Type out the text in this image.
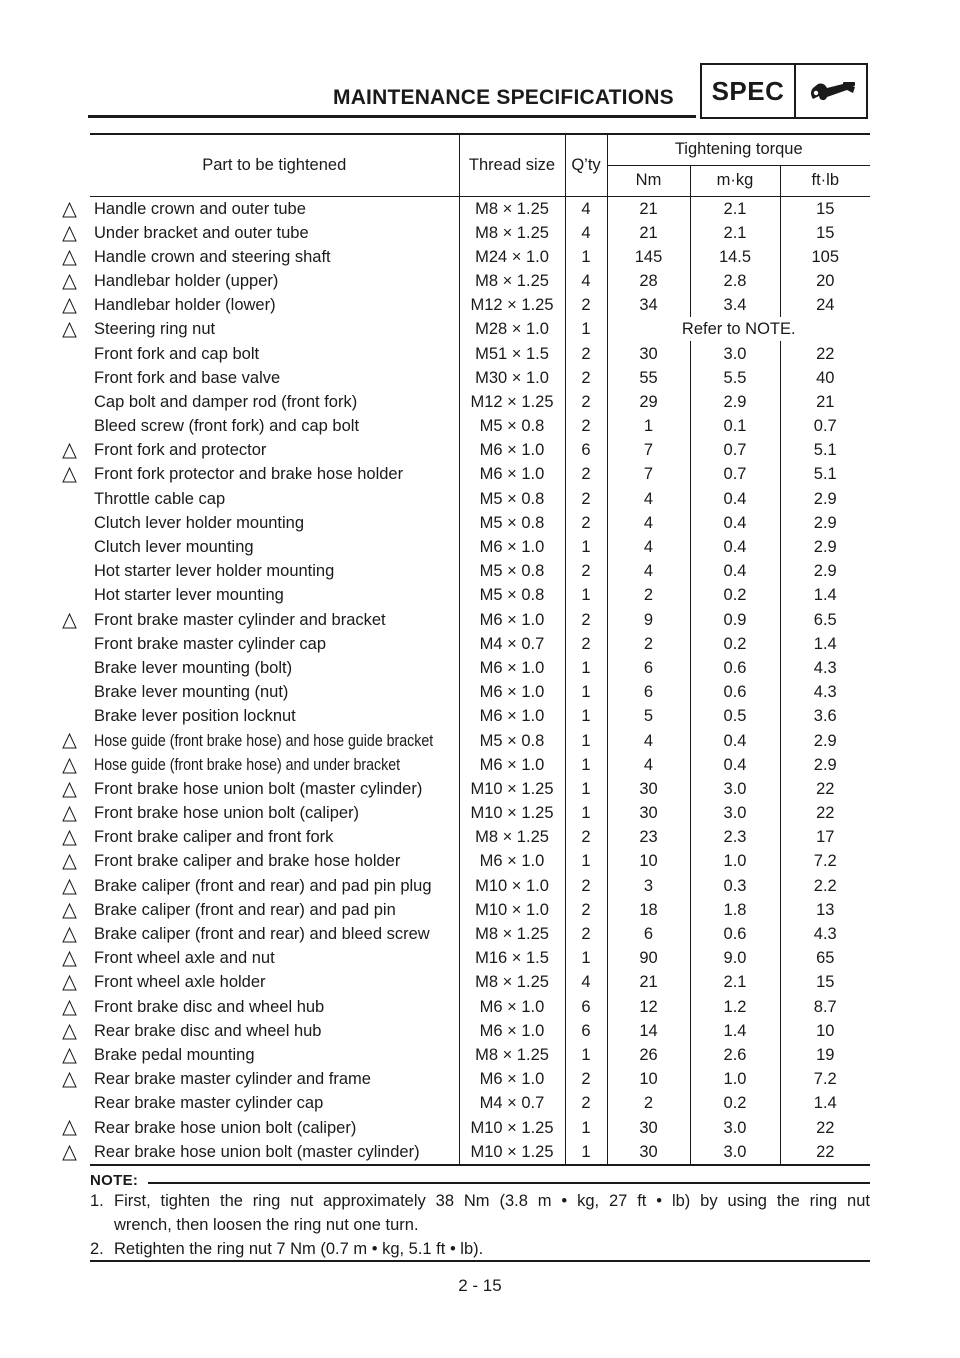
MAINTENANCE SPECIFICATIONS	SPEC
Part to be tightened	Thread size	Q’ty	Tightening torque		
			Nm	m·kg	ft·lb

Handle crown and outer tube	M8 × 1.25	4	21	2.1	15

Under bracket and outer tube	M8 × 1.25	4	21	2.1	15

Handle crown and steering shaft	M24 × 1.0	1	145	14.5	105

Handlebar holder (upper)	M8 × 1.25	4	28	2.8	20

Handlebar holder (lower)	M12 × 1.25	2	34	3.4	24

Steering ring nut	M28 × 1.0	1	Refer to NOTE.		
Front fork and cap bolt	M51 × 1.5	2	30	3.0	22
Front fork and base valve	M30 × 1.0	2	55	5.5	40
Cap bolt and damper rod (front fork)	M12 × 1.25	2	29	2.9	21
Bleed screw (front fork) and cap bolt	M5 × 0.8	2	1	0.1	0.7

Front fork and protector	M6 × 1.0	6	7	0.7	5.1

Front fork protector and brake hose holder	M6 × 1.0	2	7	0.7	5.1
Throttle cable cap	M5 × 0.8	2	4	0.4	2.9
Clutch lever holder mounting	M5 × 0.8	2	4	0.4	2.9
Clutch lever mounting	M6 × 1.0	1	4	0.4	2.9
Hot starter lever holder mounting	M5 × 0.8	2	4	0.4	2.9
Hot starter lever mounting	M5 × 0.8	1	2	0.2	1.4

Front brake master cylinder and bracket	M6 × 1.0	2	9	0.9	6.5
Front brake master cylinder cap	M4 × 0.7	2	2	0.2	1.4
Brake lever mounting (bolt)	M6 × 1.0	1	6	0.6	4.3
Brake lever mounting (nut)	M6 × 1.0	1	6	0.6	4.3
Brake lever position locknut	M6 × 1.0	1	5	0.5	3.6

Hose guide (front brake hose) and hose guide bracket	M5 × 0.8	1	4	0.4	2.9

Hose guide (front brake hose) and under bracket	M6 × 1.0	1	4	0.4	2.9

Front brake hose union bolt (master cylinder)	M10 × 1.25	1	30	3.0	22

Front brake hose union bolt (caliper)	M10 × 1.25	1	30	3.0	22

Front brake caliper and front fork	M8 × 1.25	2	23	2.3	17

Front brake caliper and brake hose holder	M6 × 1.0	1	10	1.0	7.2

Brake caliper (front and rear) and pad pin plug	M10 × 1.0	2	3	0.3	2.2

Brake caliper (front and rear) and pad pin	M10 × 1.0	2	18	1.8	13

Brake caliper (front and rear) and bleed screw	M8 × 1.25	2	6	0.6	4.3

Front wheel axle and nut	M16 × 1.5	1	90	9.0	65

Front wheel axle holder	M8 × 1.25	4	21	2.1	15

Front brake disc and wheel hub	M6 × 1.0	6	12	1.2	8.7

Rear brake disc and wheel hub	M6 × 1.0	6	14	1.4	10

Brake pedal mounting	M8 × 1.25	1	26	2.6	19

Rear brake master cylinder and frame	M6 × 1.0	2	10	1.0	7.2
Rear brake master cylinder cap	M4 × 0.7	2	2	0.2	1.4

Rear brake hose union bolt (caliper)	M10 × 1.25	1	30	3.0	22

Rear brake hose union bolt (master cylinder)	M10 × 1.25	1	30	3.0	22
NOTE:
1. First, tighten the ring nut approximately 38 Nm (3.8 m • kg, 27 ft • lb) by using the ring nut
wrench, then loosen the ring nut one turn.
2. Retighten the ring nut 7 Nm (0.7 m • kg, 5.1 ft • lb).
2 - 15
